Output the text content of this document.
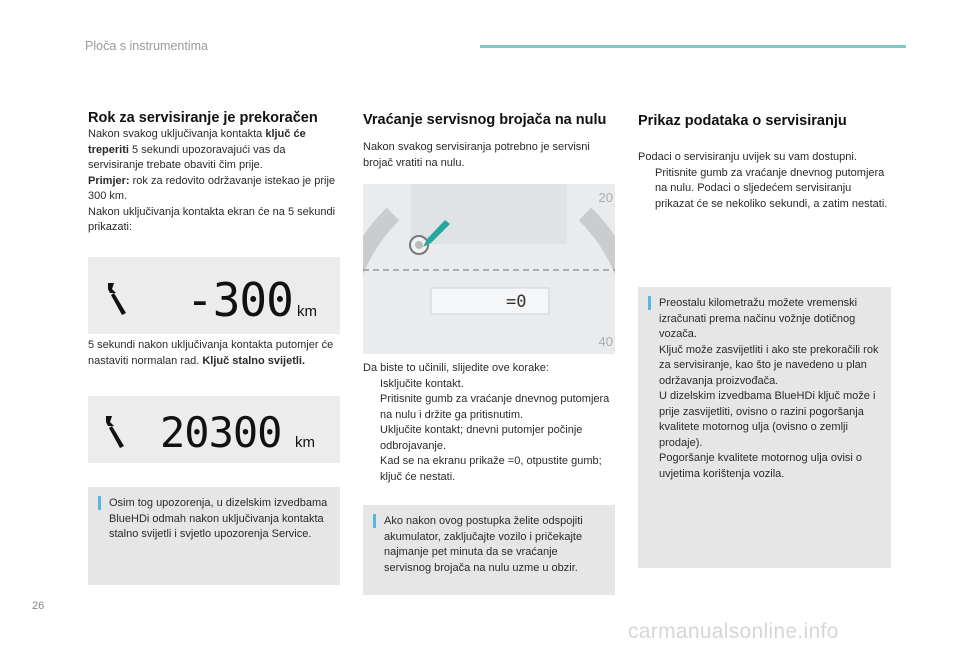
Ploča s instrumentima

Rok za servisiranje je prekoračen

Nakon svakog uključivanja kontakta ključ će treperiti 5 sekundi upozoravajući vas da servisiranje trebate obaviti čim prije.

Primjer: rok za redovito održavanje istekao je prije 300 km.

Nakon uključivanja kontakta ekran će na 5 sekundi prikazati:

-300 km

5 sekundi nakon uključivanja kontakta putomjer će nastaviti normalan rad. Ključ stalno svijetli.

20300 km
Osim tog upozorenja, u dizelskim izvedbama BlueHDi odmah nakon uključivanja kontakta stalno svijetli i svjetlo upozorenja Service.

Vraćanje servisnog brojača na nulu

Nakon svakog servisiranja potrebno je servisni brojač vratiti na nulu.

=0
20
40

Da biste to učinili, slijedite ove korake:

Isključite kontakt.
Pritisnite gumb za vraćanje dnevnog putomjera na nulu i držite ga pritisnutim.
Uključite kontakt; dnevni putomjer počinje odbrojavanje.
Kad se na ekranu prikaže =0, otpustite gumb; ključ će nestati.
Ako nakon ovog postupka želite odspojiti akumulator, zaključajte vozilo i pričekajte najmanje pet minuta da se vraćanje servisnog brojača na nulu uzme u obzir.

Prikaz podataka o servisiranju

Podaci o servisiranju uvijek su vam dostupni.

Pritisnite gumb za vraćanje dnevnog putomjera na nulu. Podaci o sljedećem servisiranju prikazat će se nekoliko sekundi, a zatim nestati.
Preostalu kilometražu možete vremenski izračunati prema načinu vožnje dotičnog vozača.
Ključ može zasvijetliti i ako ste prekoračili rok za servisiranje, kao što je navedeno u plan održavanja proizvođača.
U dizelskim izvedbama BlueHDi ključ može i prije zasvijetliti, ovisno o razini pogoršanja kvalitete motornog ulja (ovisno o zemlji prodaje).
Pogoršanje kvalitete motornog ulja ovisi o uvjetima korištenja vozila.
26
carmanualsonline.info
